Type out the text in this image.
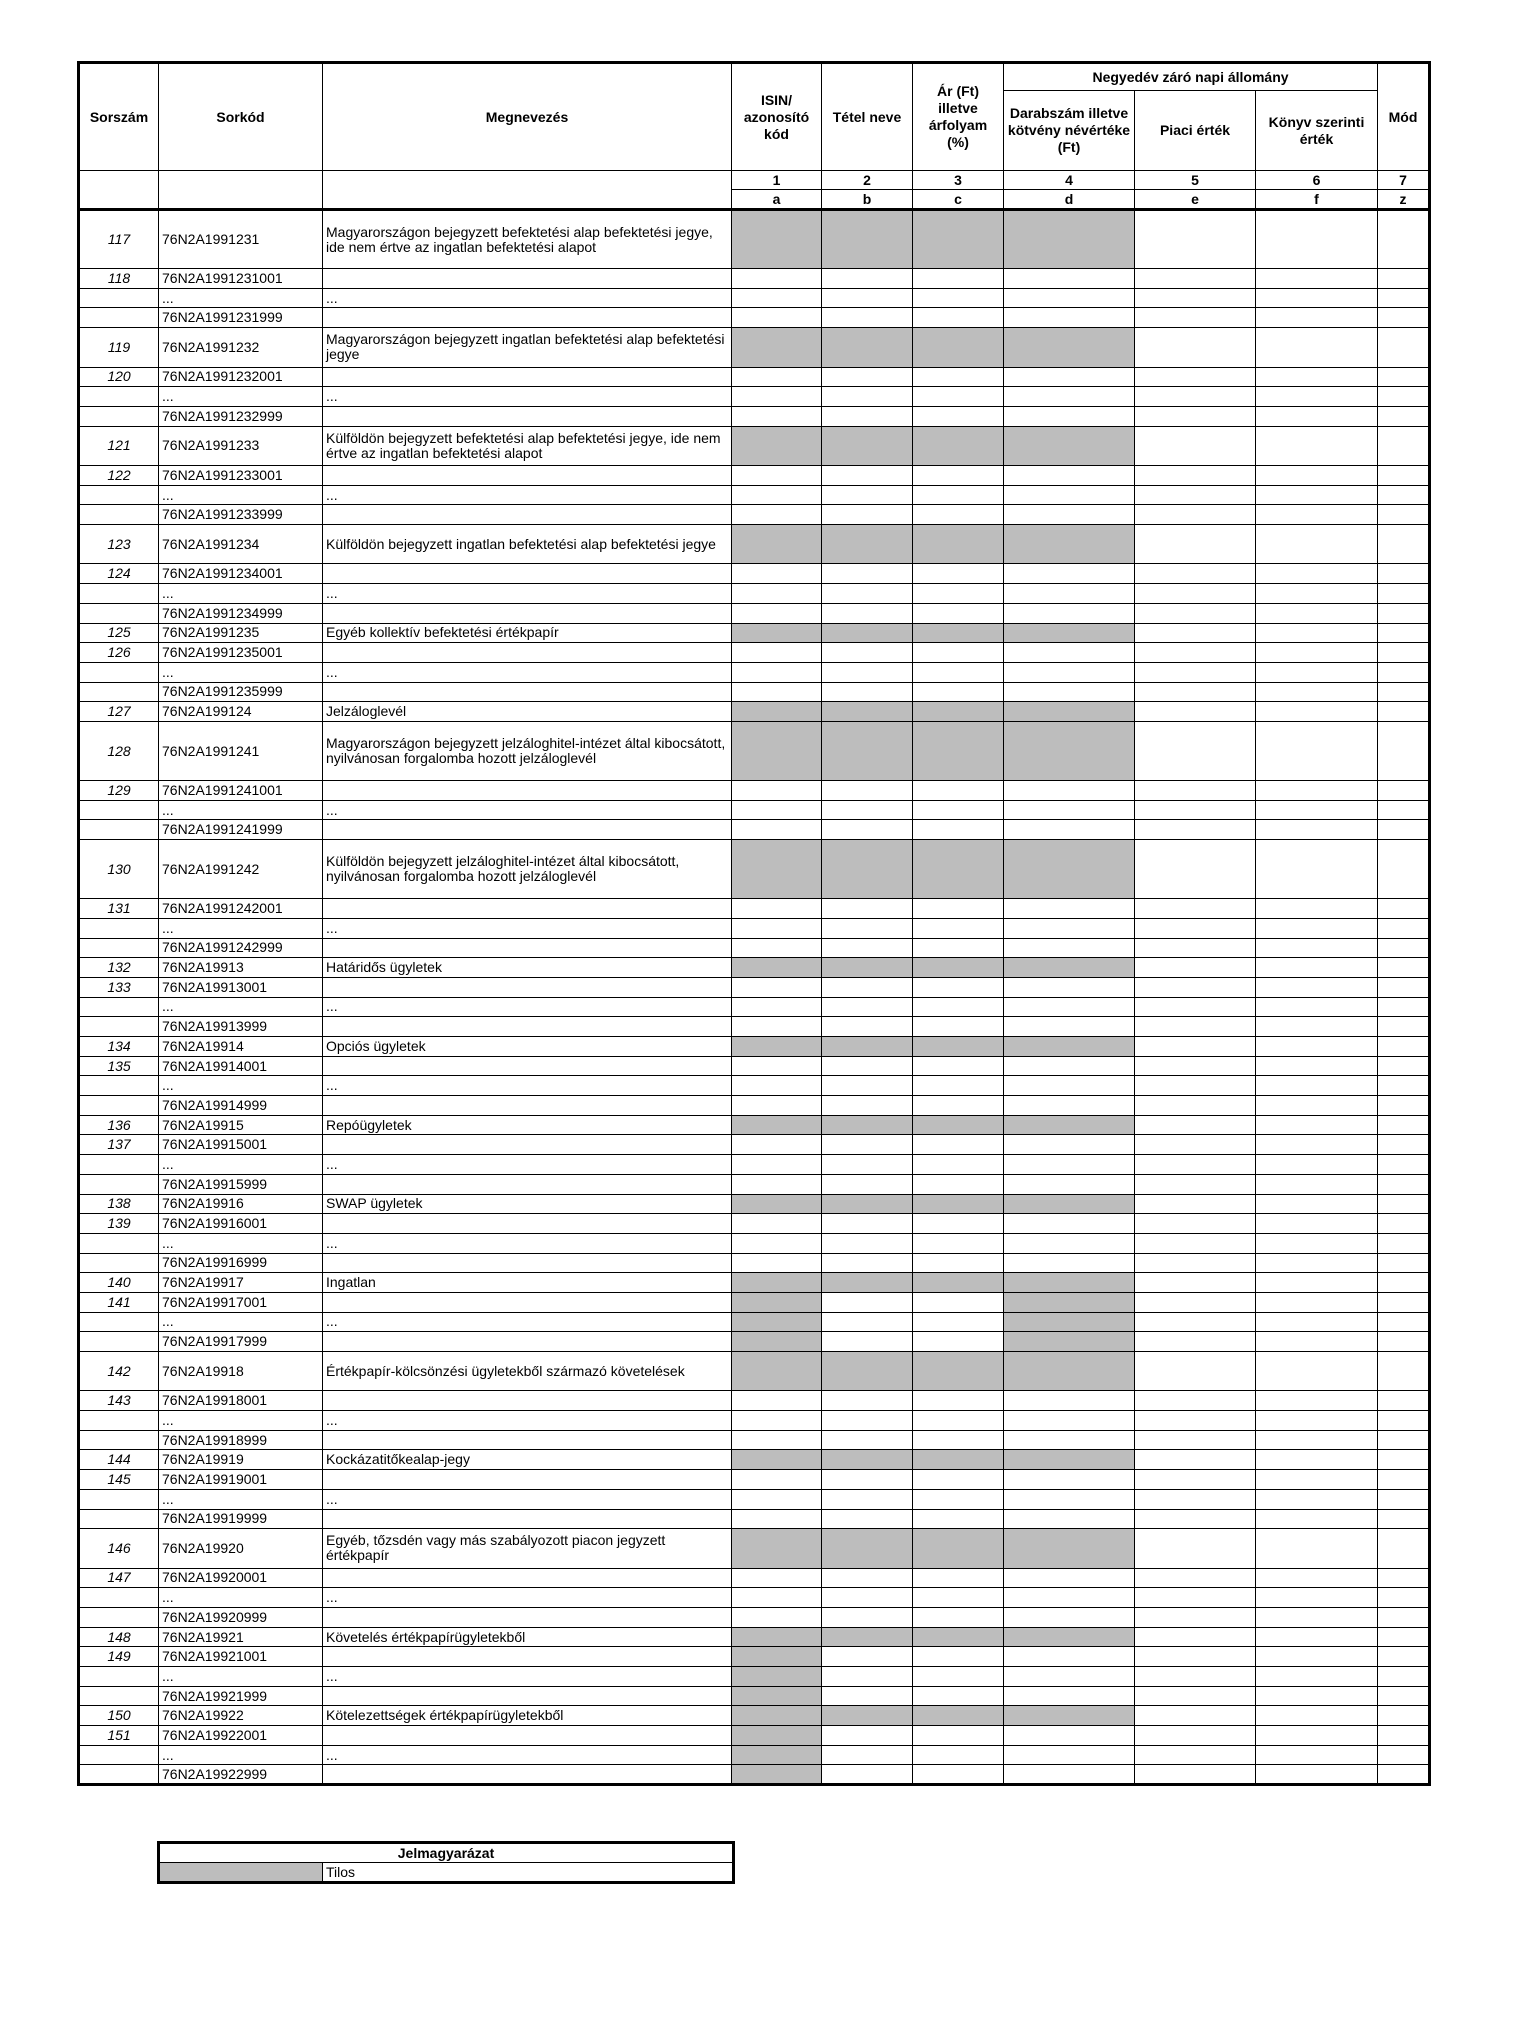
Sorszám	Sorkód	Megnevezés	ISIN/ azonosító kód	Tétel neve	Ár (Ft) illetve árfolyam (%)	Negyedév záró napi állomány			Mód
						Darabszám illetve kötvény névértéke (Ft)	Piaci érték	Könyv szerinti érték	
			1	2	3	4	5	6	7
			a	b	c	d	e	f	z
117	76N2A1991231	Magyarországon bejegyzett befektetési alap befektetési jegye, ide nem értve az ingatlan befektetési alapot							
118	76N2A1991231001								
	...	...							
	76N2A1991231999								
119	76N2A1991232	Magyarországon bejegyzett ingatlan befektetési alap befektetési jegye							
120	76N2A1991232001								
	...	...							
	76N2A1991232999								
121	76N2A1991233	Külföldön bejegyzett befektetési alap befektetési jegye, ide nem értve az ingatlan befektetési alapot							
122	76N2A1991233001								
	...	...							
	76N2A1991233999								
123	76N2A1991234	Külföldön bejegyzett ingatlan befektetési alap befektetési jegye							
124	76N2A1991234001								
	...	...							
	76N2A1991234999								
125	76N2A1991235	Egyéb kollektív befektetési értékpapír							
126	76N2A1991235001								
	...	...							
	76N2A1991235999								
127	76N2A199124	Jelzáloglevél							
128	76N2A1991241	Magyarországon bejegyzett jelzáloghitel-intézet által kibocsátott, nyilvánosan forgalomba hozott jelzáloglevél							
129	76N2A1991241001								
	...	...							
	76N2A1991241999								
130	76N2A1991242	Külföldön bejegyzett jelzáloghitel-intézet által kibocsátott, nyilvánosan forgalomba hozott jelzáloglevél							
131	76N2A1991242001								
	...	...							
	76N2A1991242999								
132	76N2A19913	Határidős ügyletek							
133	76N2A19913001								
	...	...							
	76N2A19913999								
134	76N2A19914	Opciós ügyletek							
135	76N2A19914001								
	...	...							
	76N2A19914999								
136	76N2A19915	Repóügyletek							
137	76N2A19915001								
	...	...							
	76N2A19915999								
138	76N2A19916	SWAP ügyletek							
139	76N2A19916001								
	...	...							
	76N2A19916999								
140	76N2A19917	Ingatlan							
141	76N2A19917001								
	...	...							
	76N2A19917999								
142	76N2A19918	Értékpapír-kölcsönzési ügyletekből származó követelések							
143	76N2A19918001								
	...	...							
	76N2A19918999								
144	76N2A19919	Kockázatitőkealap-jegy							
145	76N2A19919001								
	...	...							
	76N2A19919999								
146	76N2A19920	Egyéb, tőzsdén vagy más szabályozott piacon jegyzett értékpapír							
147	76N2A19920001								
	...	...							
	76N2A19920999								
148	76N2A19921	Követelés értékpapírügyletekből							
149	76N2A19921001								
	...	...							
	76N2A19921999								
150	76N2A19922	Kötelezettségek értékpapírügyletekből							
151	76N2A19922001								
	...	...							
	76N2A19922999								
Jelmagyarázat
	Tilos
